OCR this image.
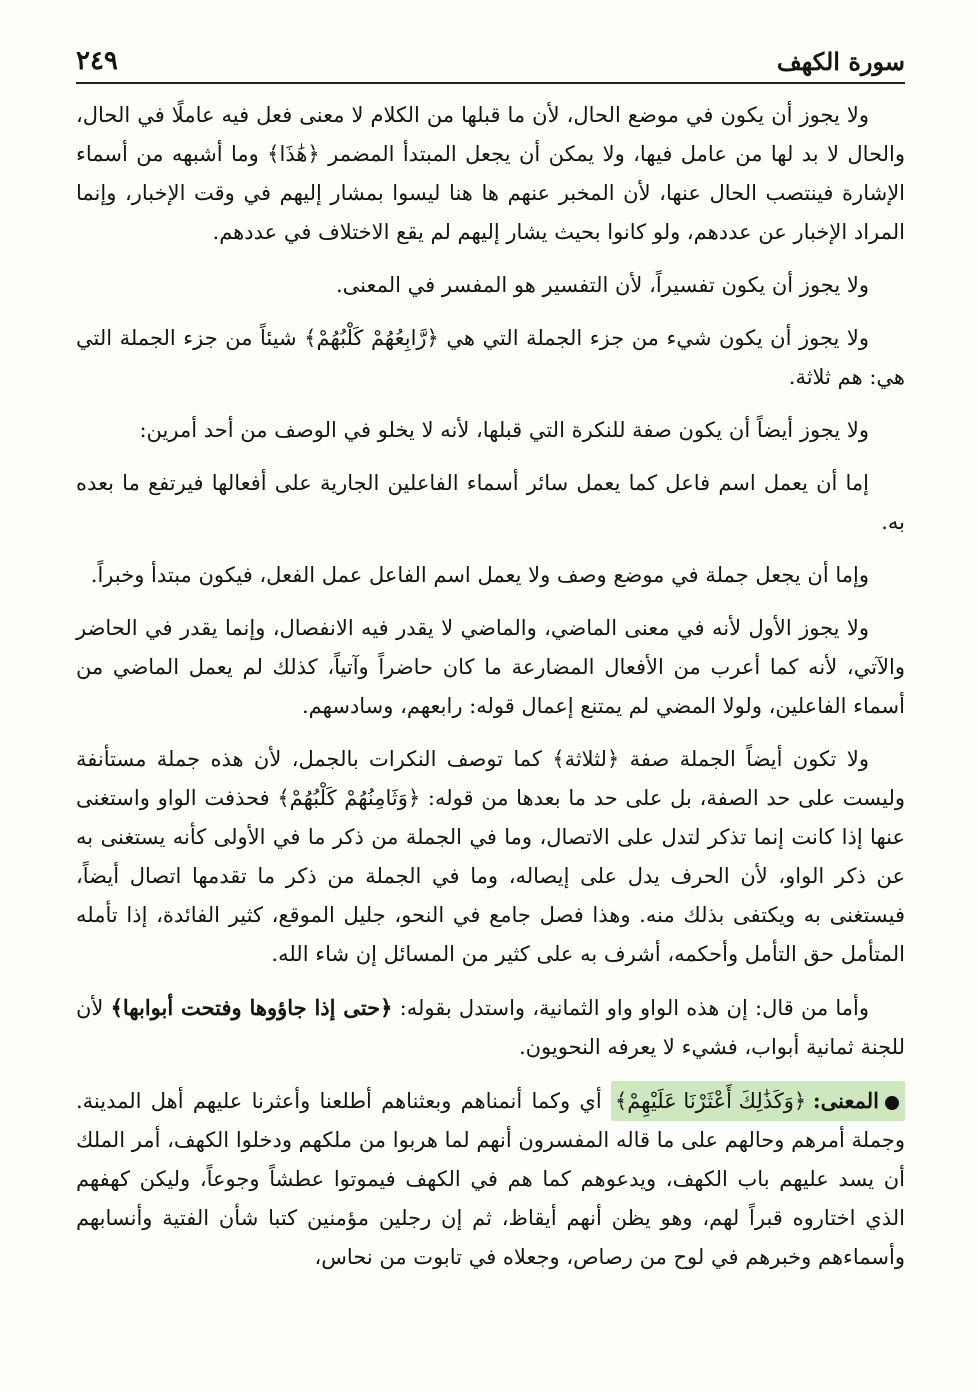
سورة الكهف
٢٤٩

ولا يجوز أن يكون في موضع الحال، لأن ما قبلها من الكلام لا معنى فعل فيه عاملًا في الحال، والحال لا بد لها من عامل فيها، ولا يمكن أن يجعل المبتدأ المضمر ﴿هَٰذَا﴾ وما أشبهه من أسماء الإشارة فينتصب الحال عنها، لأن المخبر عنهم ها هنا ليسوا بمشار إليهم في وقت الإخبار، وإنما المراد الإخبار عن عددهم، ولو كانوا بحيث يشار إليهم لم يقع الاختلاف في عددهم.

ولا يجوز أن يكون تفسيراً، لأن التفسير هو المفسر في المعنى.

ولا يجوز أن يكون شيء من جزء الجملة التي هي ﴿رَّابِعُهُمْ كَلْبُهُمْ﴾ شيئاً من جزء الجملة التي هي: هم ثلاثة.

ولا يجوز أيضاً أن يكون صفة للنكرة التي قبلها، لأنه لا يخلو في الوصف من أحد أمرين:

إما أن يعمل اسم فاعل كما يعمل سائر أسماء الفاعلين الجارية على أفعالها فيرتفع ما بعده به.

وإما أن يجعل جملة في موضع وصف ولا يعمل اسم الفاعل عمل الفعل، فيكون مبتدأ وخبراً.

ولا يجوز الأول لأنه في معنى الماضي، والماضي لا يقدر فيه الانفصال، وإنما يقدر في الحاضر والآتي، لأنه كما أعرب من الأفعال المضارعة ما كان حاضراً وآتياً، كذلك لم يعمل الماضي من أسماء الفاعلين، ولولا المضي لم يمتنع إعمال قوله: رابعهم، وسادسهم.

ولا تكون أيضاً الجملة صفة ﴿لثلاثة﴾ كما توصف النكرات بالجمل، لأن هذه جملة مستأنفة وليست على حد الصفة، بل على حد ما بعدها من قوله: ﴿وَثَامِنُهُمْ كَلْبُهُمْ﴾ فحذفت الواو واستغنى عنها إذا كانت إنما تذكر لتدل على الاتصال، وما في الجملة من ذكر ما في الأولى كأنه يستغنى به عن ذكر الواو، لأن الحرف يدل على إيصاله، وما في الجملة من ذكر ما تقدمها اتصال أيضاً، فيستغنى به ويكتفى بذلك منه. وهذا فصل جامع في النحو، جليل الموقع، كثير الفائدة، إذا تأمله المتأمل حق التأمل وأحكمه، أشرف به على كثير من المسائل إن شاء الله.

وأما من قال: إن هذه الواو واو الثمانية، واستدل بقوله: ﴿حتى إذا جاؤوها وفتحت أبوابها﴾ لأن للجنة ثمانية أبواب، فشيء لا يعرفه النحويون.

المعنى: ﴿وَكَذَٰلِكَ أَعْثَرْنَا عَلَيْهِمْ﴾ أي وكما أنمناهم وبعثناهم أطلعنا وأعثرنا عليهم أهل المدينة. وجملة أمرهم وحالهم على ما قاله المفسرون أنهم لما هربوا من ملكهم ودخلوا الكهف، أمر الملك أن يسد عليهم باب الكهف، ويدعوهم كما هم في الكهف فيموتوا عطشاً وجوعاً، وليكن كهفهم الذي اختاروه قبراً لهم، وهو يظن أنهم أيقاظ، ثم إن رجلين مؤمنين كتبا شأن الفتية وأنسابهم وأسماءهم وخبرهم في لوح من رصاص، وجعلاه في تابوت من نحاس،
